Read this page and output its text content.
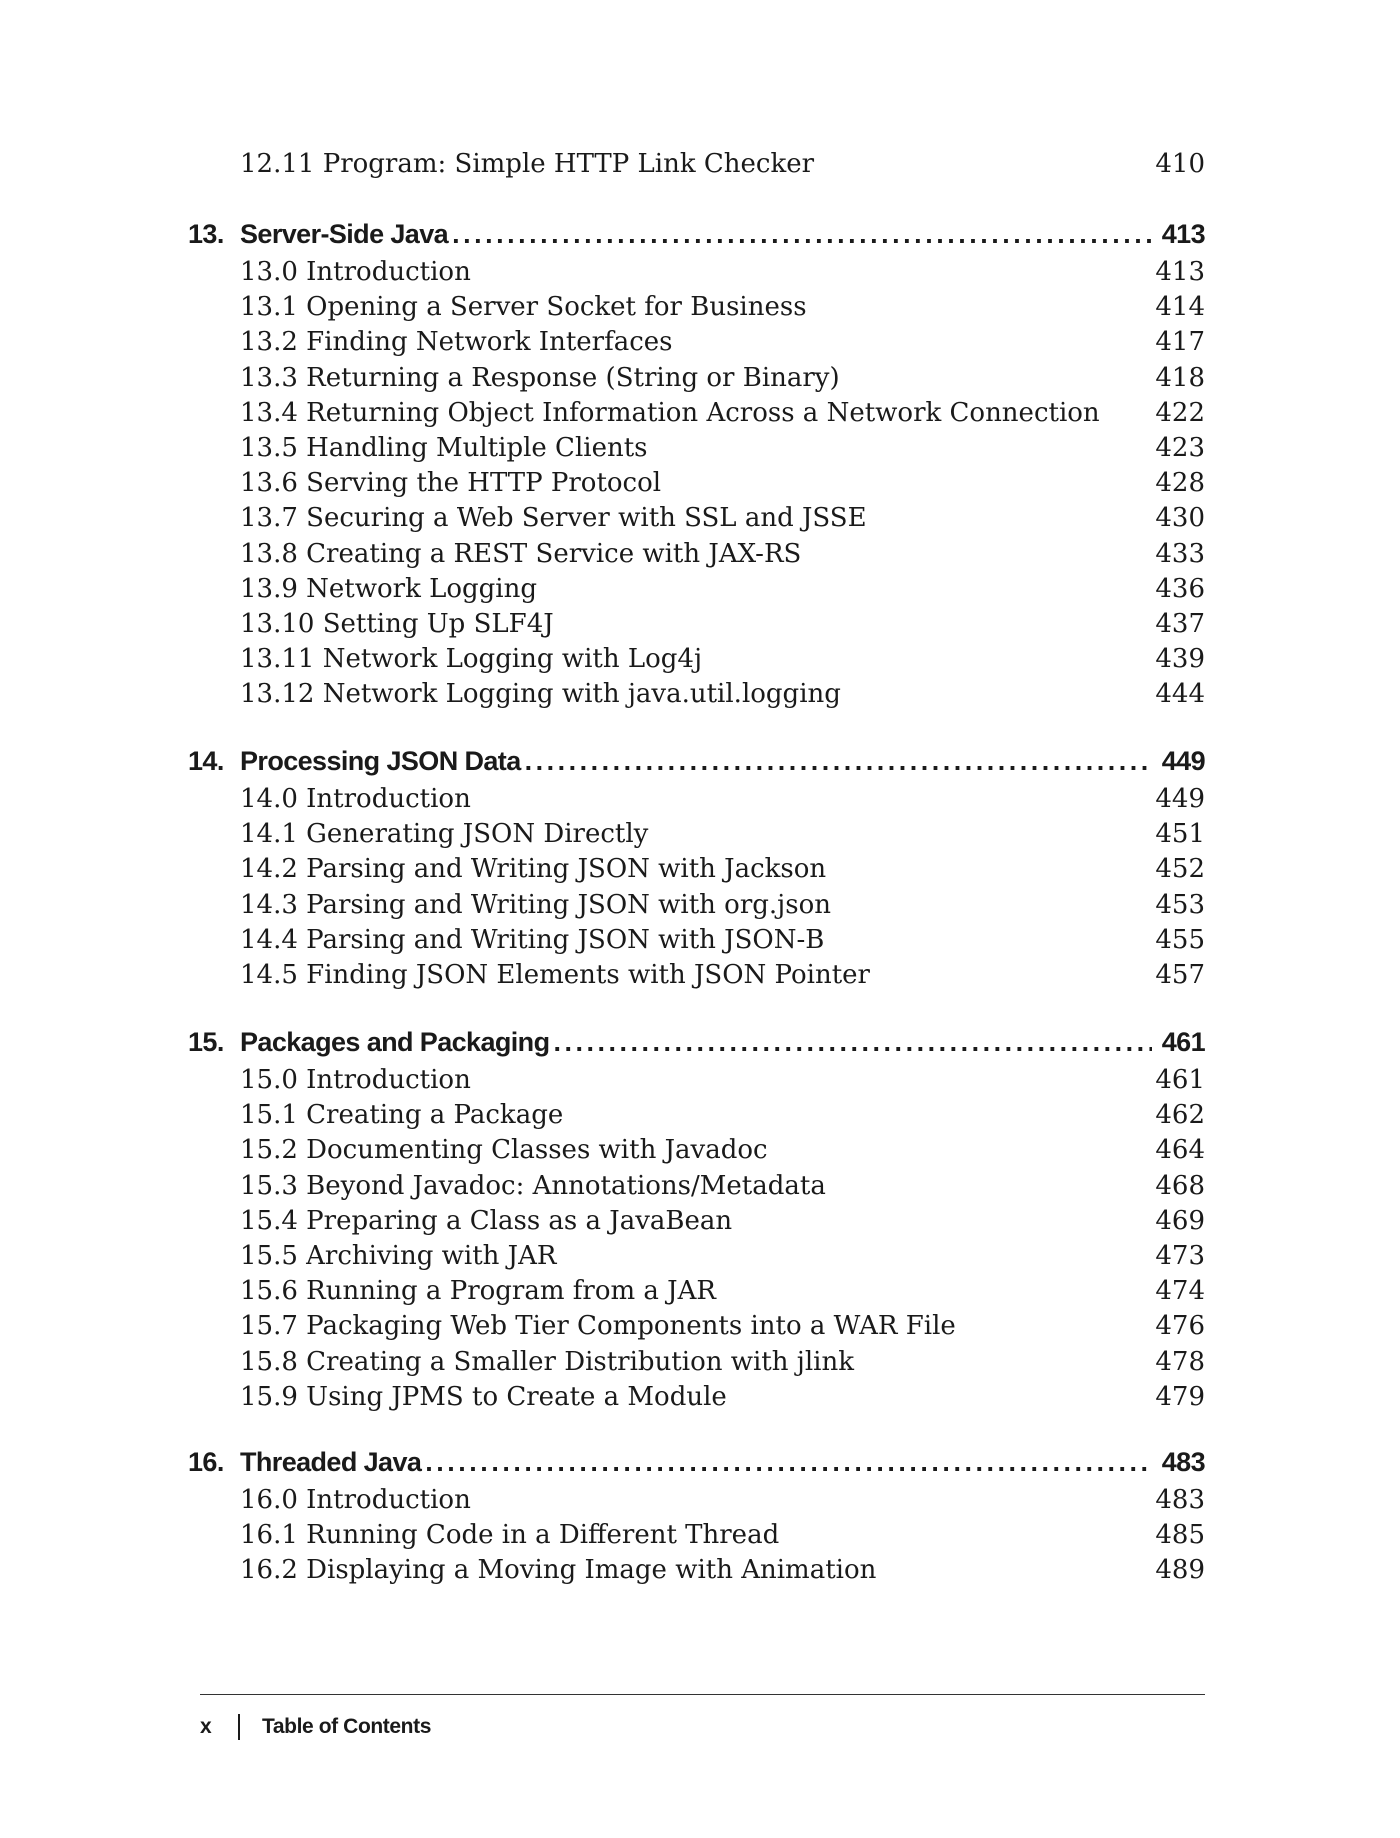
12.11 Program: Simple HTTP Link Checker	410
13. Server-Side Java . . .	413
13.0 Introduction	413
13.1 Opening a Server Socket for Business	414
13.2 Finding Network Interfaces	417
13.3 Returning a Response (String or Binary)	418
13.4 Returning Object Information Across a Network Connection 422
13.5 Handling Multiple Clients	423
13.6 Serving the HTTP Protocol	428
13.7 Securing a Web Server with SSL and JSSE	430
13.8 Creating a REST Service with JAX-RS	433
13.9 Network Logging	436
13.10 Setting Up SLF4J	437
13.11 Network Logging with Log4j	439
13.12 Network Logging with java.util.logging	444
14. Processing JSON Data . . .	449
14.0 Introduction	449
14.1 Generating JSON Directly	451
14.2 Parsing and Writing JSON with Jackson	452
14.3 Parsing and Writing JSON with org.json	453
14.4 Parsing and Writing JSON with JSON-B	455
14.5 Finding JSON Elements with JSON Pointer	457
15. Packages and Packaging . . .	461
15.0 Introduction	461
15.1 Creating a Package	462
15.2 Documenting Classes with Javadoc	464
15.3 Beyond Javadoc: Annotations/Metadata	468
15.4 Preparing a Class as a JavaBean	469
15.5 Archiving with JAR	473
15.6 Running a Program from a JAR	474
15.7 Packaging Web Tier Components into a WAR File	476
15.8 Creating a Smaller Distribution with jlink	478
15.9 Using JPMS to Create a Module	479
16. Threaded Java . . .	483
16.0 Introduction	483
16.1 Running Code in a Different Thread	485
16.2 Displaying a Moving Image with Animation	489
x	Table of Contents
